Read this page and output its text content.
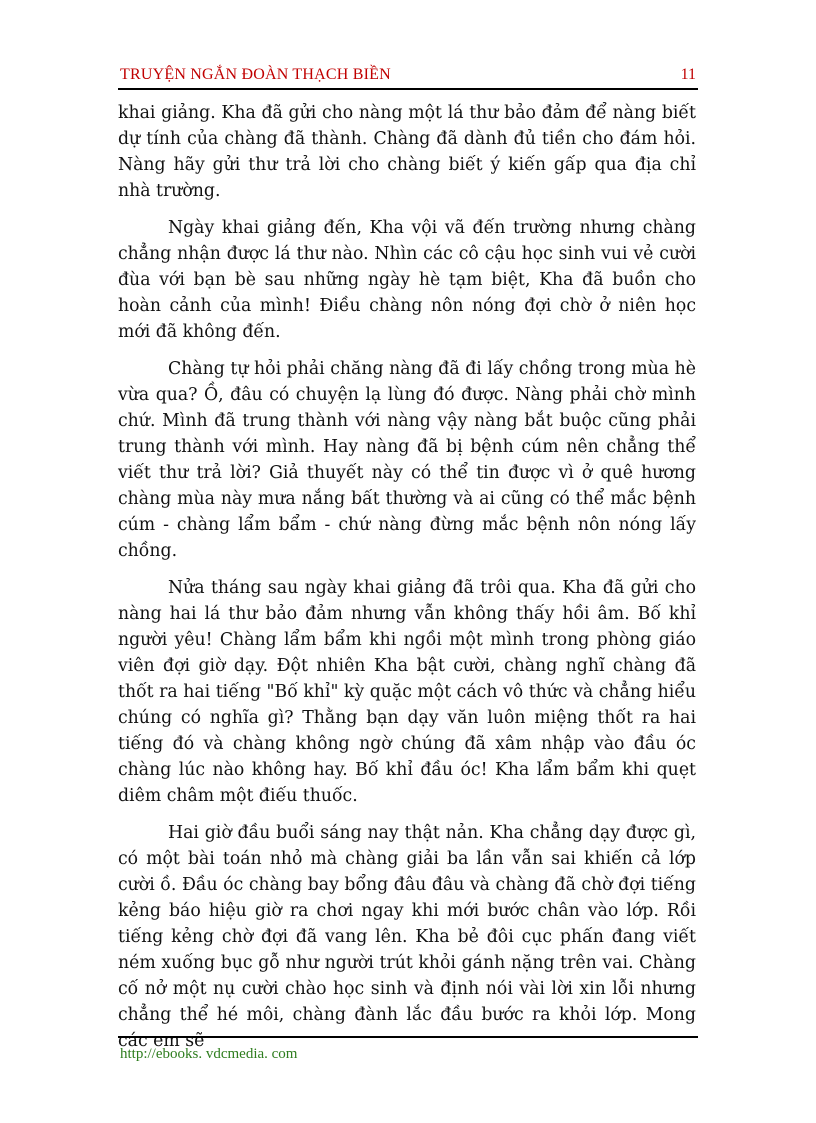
TRUYỆN NGẮN ĐOÀN THẠCH BIỀN	11

khai giảng. Kha đã gửi cho nàng một lá thư bảo đảm để nàng biết dự tính của chàng đã thành. Chàng đã dành đủ tiền cho đám hỏi. Nàng hãy gửi thư trả lời cho chàng biết ý kiến gấp qua địa chỉ nhà trường.

Ngày khai giảng đến, Kha vội vã đến trường nhưng chàng chẳng nhận được lá thư nào. Nhìn các cô cậu học sinh vui vẻ cười đùa với bạn bè sau những ngày hè tạm biệt, Kha đã buồn cho hoàn cảnh của mình! Điều chàng nôn nóng đợi chờ ở niên học mới đã không đến.

Chàng tự hỏi phải chăng nàng đã đi lấy chồng trong mùa hè vừa qua? Ồ, đâu có chuyện lạ lùng đó được. Nàng phải chờ mình chứ. Mình đã trung thành với nàng vậy nàng bắt buộc cũng phải trung thành với mình. Hay nàng đã bị bệnh cúm nên chẳng thể viết thư trả lời? Giả thuyết này có thể tin được vì ở quê hương chàng mùa này mưa nắng bất thường và ai cũng có thể mắc bệnh cúm - chàng lẩm bẩm - chứ nàng đừng mắc bệnh nôn nóng lấy chồng.

Nửa tháng sau ngày khai giảng đã trôi qua. Kha đã gửi cho nàng hai lá thư bảo đảm nhưng vẫn không thấy hồi âm. Bố khỉ người yêu! Chàng lẩm bẩm khi ngồi một mình trong phòng giáo viên đợi giờ dạy. Đột nhiên Kha bật cười, chàng nghĩ chàng đã thốt ra hai tiếng "Bố khỉ" kỳ quặc một cách vô thức và chẳng hiểu chúng có nghĩa gì? Thằng bạn dạy văn luôn miệng thốt ra hai tiếng đó và chàng không ngờ chúng đã xâm nhập vào đầu óc chàng lúc nào không hay. Bố khỉ đầu óc! Kha lẩm bẩm khi quẹt diêm châm một điếu thuốc.

Hai giờ đầu buổi sáng nay thật nản. Kha chẳng dạy được gì, có một bài toán nhỏ mà chàng giải ba lần vẫn sai khiến cả lớp cười ồ. Đầu óc chàng bay bổng đâu đâu và chàng đã chờ đợi tiếng kẻng báo hiệu giờ ra chơi ngay khi mới bước chân vào lớp. Rồi tiếng kẻng chờ đợi đã vang lên. Kha bẻ đôi cục phấn đang viết ném xuống bục gỗ như người trút khỏi gánh nặng trên vai. Chàng cố nở một nụ cười chào học sinh và định nói vài lời xin lỗi nhưng chẳng thể hé môi, chàng đành lắc đầu bước ra khỏi lớp. Mong các em sẽ

http://ebooks. vdcmedia. com
